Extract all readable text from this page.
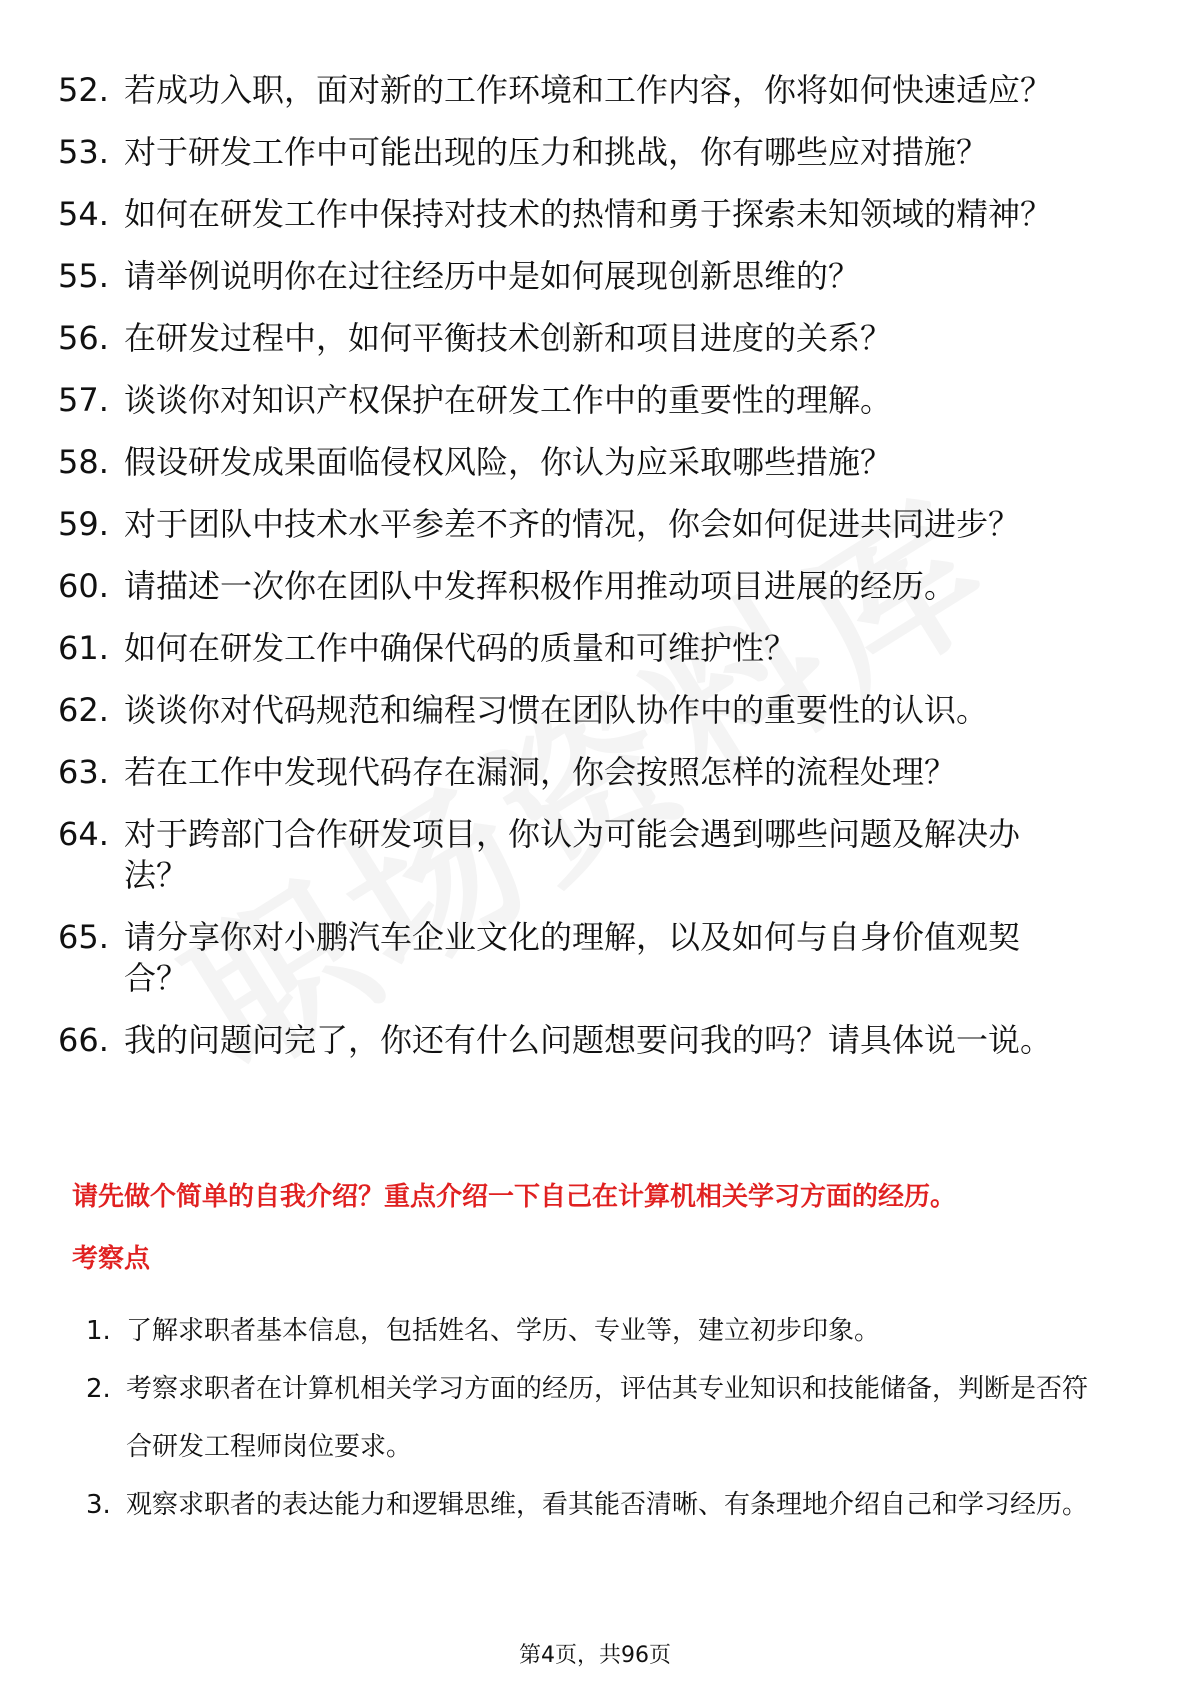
52. 若成功入职，面对新的工作环境和工作内容，你将如何快速适应？
53. 对于研发工作中可能出现的压力和挑战，你有哪些应对措施？
54. 如何在研发工作中保持对技术的热情和勇于探索未知领域的精神？
55. 请举例说明你在过往经历中是如何展现创新思维的？
56. 在研发过程中，如何平衡技术创新和项目进度的关系？
57. 谈谈你对知识产权保护在研发工作中的重要性的理解。
58. 假设研发成果面临侵权风险，你认为应采取哪些措施？
59. 对于团队中技术水平参差不齐的情况，你会如何促进共同进步？
60. 请描述一次你在团队中发挥积极作用推动项目进展的经历。
61. 如何在研发工作中确保代码的质量和可维护性？
62. 谈谈你对代码规范和编程习惯在团队协作中的重要性的认识。
63. 若在工作中发现代码存在漏洞，你会按照怎样的流程处理？
64. 对于跨部门合作研发项目，你认为可能会遇到哪些问题及解决办法？
65. 请分享你对小鹏汽车企业文化的理解，以及如何与自身价值观契合？
66. 我的问题问完了，你还有什么问题想要问我的吗？请具体说一说。
请先做个简单的自我介绍？重点介绍一下自己在计算机相关学习方面的经历。
考察点
1. 了解求职者基本信息，包括姓名、学历、专业等，建立初步印象。
2. 考察求职者在计算机相关学习方面的经历，评估其专业知识和技能储备，判断是否符合研发工程师岗位要求。
3. 观察求职者的表达能力和逻辑思维，看其能否清晰、有条理地介绍自己和学习经历。
第4页，共96页
